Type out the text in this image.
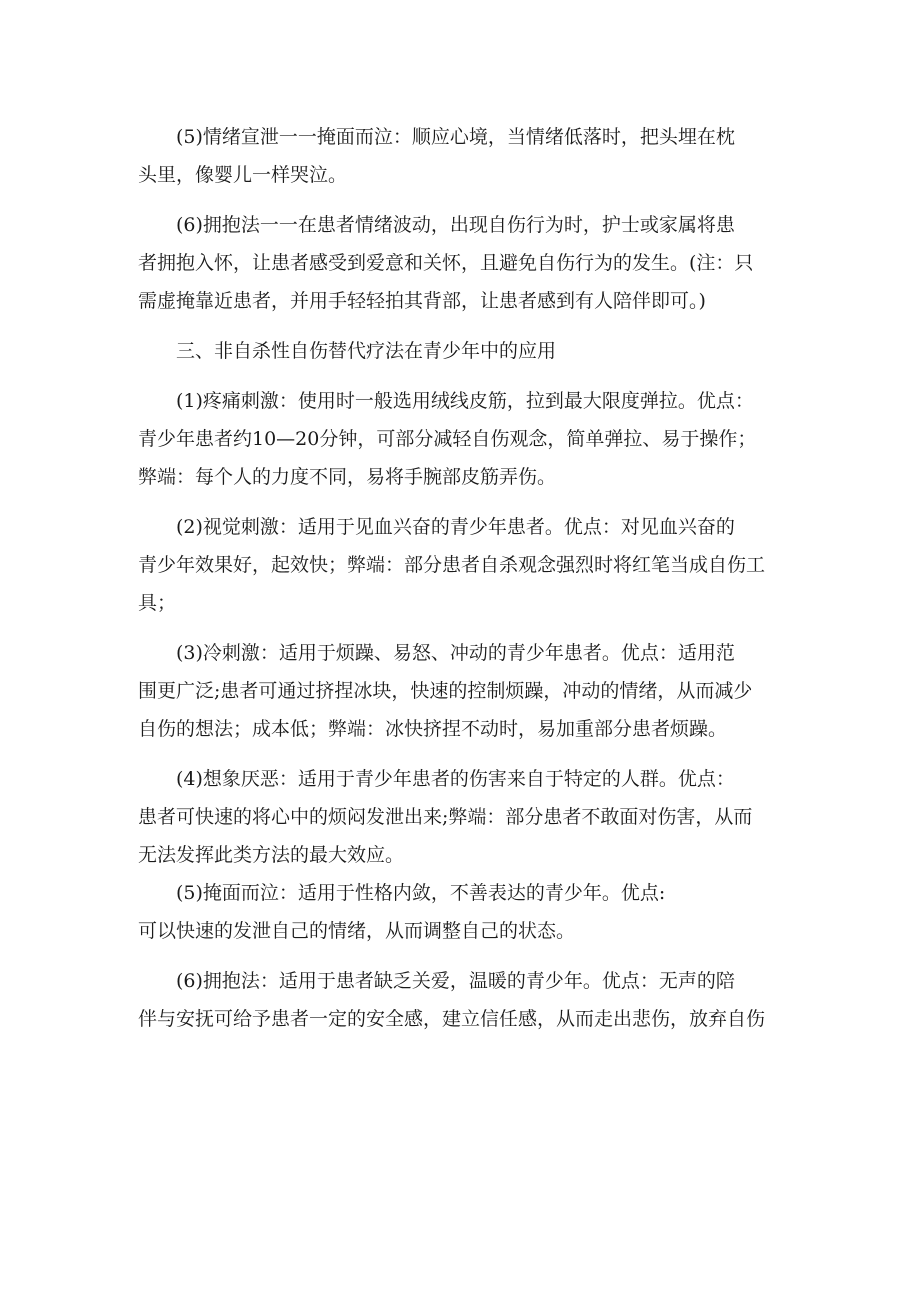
(5)情绪宣泄一一掩面而泣：顺应心境，当情绪低落时，把头埋在枕
头里，像婴儿一样哭泣。

(6)拥抱法一一在患者情绪波动，出现自伤行为时，护士或家属将患
者拥抱入怀，让患者感受到爱意和关怀，且避免自伤行为的发生。(注：只
需虚掩靠近患者，并用手轻轻拍其背部，让患者感到有人陪伴即可。)

三、非自杀性自伤替代疗法在青少年中的应用

(1)疼痛刺激：使用时一般选用绒线皮筋，拉到最大限度弹拉。优点：
青少年患者约10—20分钟，可部分减轻自伤观念，简单弹拉、易于操作；
弊端：每个人的力度不同，易将手腕部皮筋弄伤。

(2)视觉刺激：适用于见血兴奋的青少年患者。优点：对见血兴奋的
青少年效果好，起效快；弊端：部分患者自杀观念强烈时将红笔当成自伤工
具；

(3)冷刺激：适用于烦躁、易怒、冲动的青少年患者。优点：适用范
围更广泛;患者可通过挤捏冰块，快速的控制烦躁，冲动的情绪，从而减少
自伤的想法；成本低；弊端：冰快挤捏不动时，易加重部分患者烦躁。

(4)想象厌恶：适用于青少年患者的伤害来自于特定的人群。优点：
患者可快速的将心中的烦闷发泄出来;弊端：部分患者不敢面对伤害，从而
无法发挥此类方法的最大效应。

(5)掩面而泣：适用于性格内敛，不善表达的青少年。优点:
可以快速的发泄自己的情绪，从而调整自己的状态。

(6)拥抱法：适用于患者缺乏关爱，温暖的青少年。优点：无声的陪
伴与安抚可给予患者一定的安全感，建立信任感，从而走出悲伤，放弃自伤
